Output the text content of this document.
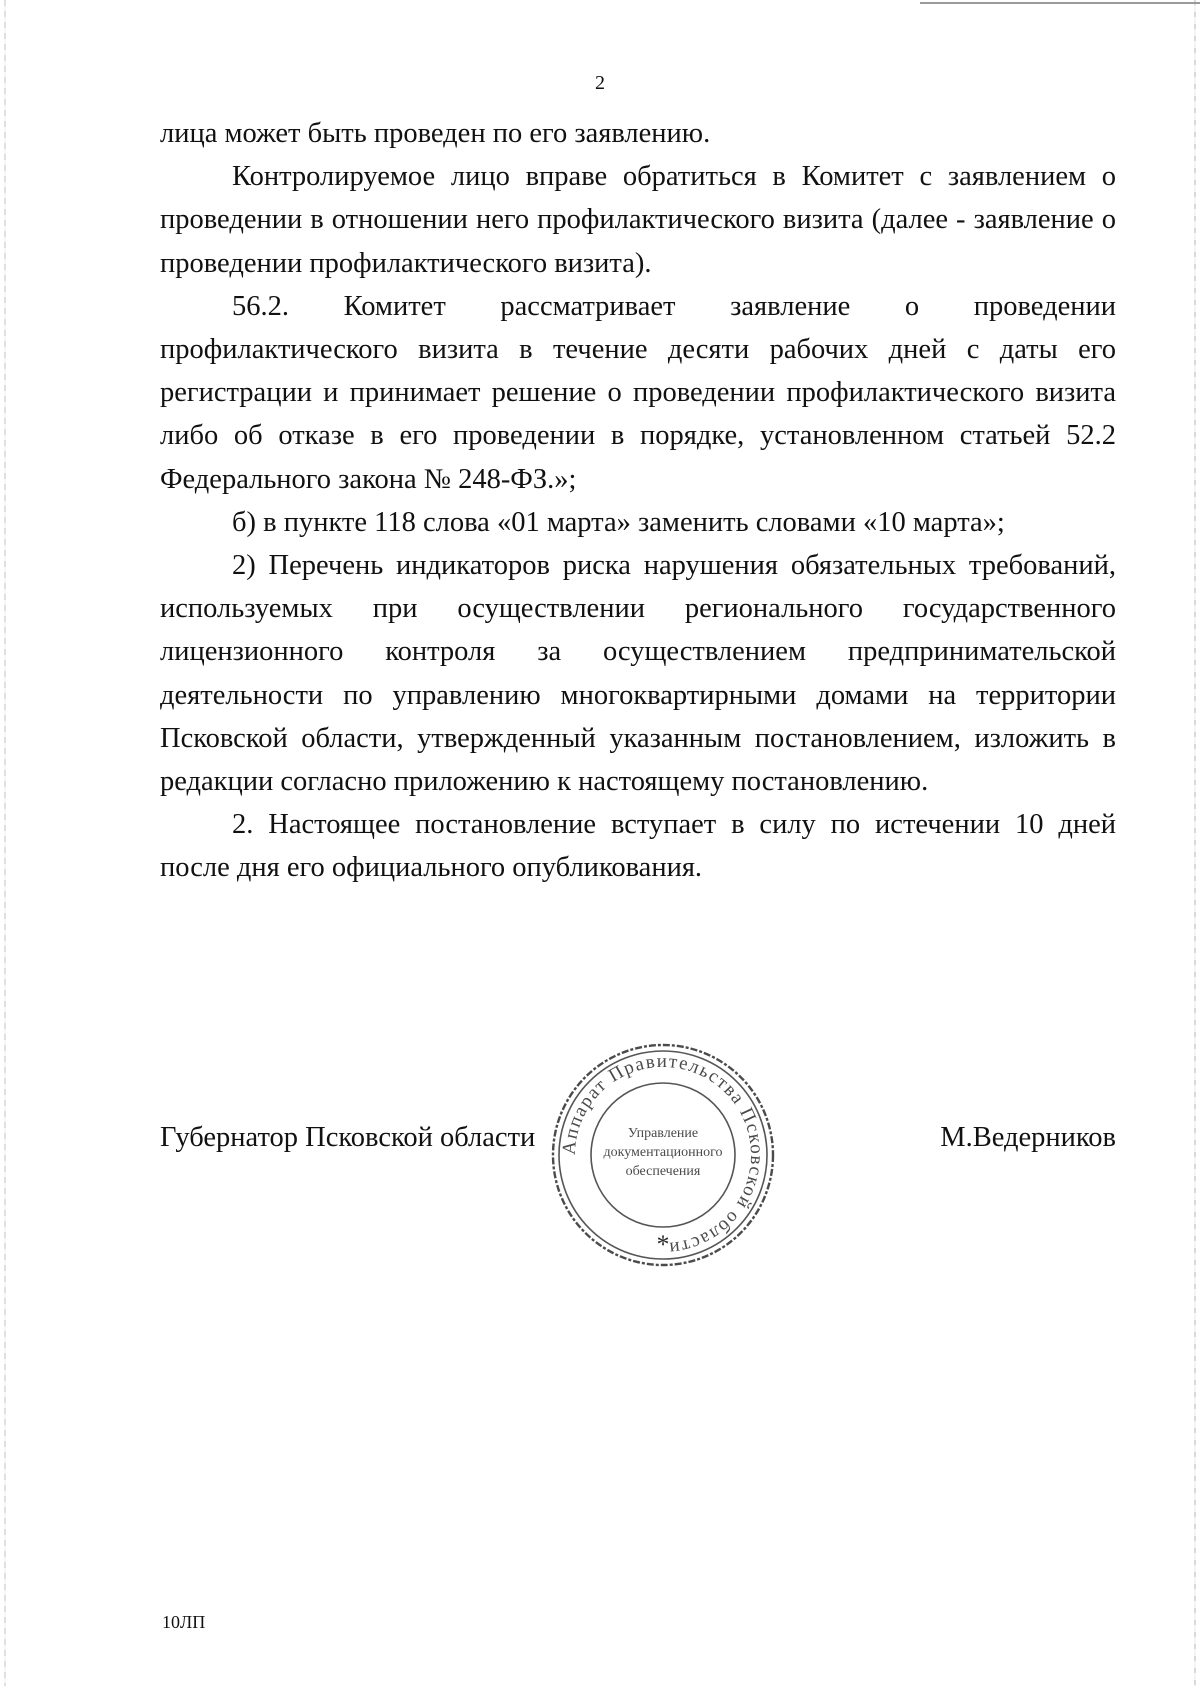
2

лица может быть проведен по его заявлению.

Контролируемое лицо вправе обратиться в Комитет с заявлением о проведении в отношении него профилактического визита (далее - заявление о проведении профилактического визита).

56.2. Комитет рассматривает заявление о проведении профилактического визита в течение десяти рабочих дней с даты его регистрации и принимает решение о проведении профилактического визита либо об отказе в его проведении в порядке, установленном статьей 52.2 Федерального закона № 248-ФЗ.»;

б) в пункте 118 слова «01 марта» заменить словами «10 марта»;

2) Перечень индикаторов риска нарушения обязательных требований, используемых при осуществлении регионального государственного лицензионного контроля за осуществлением предпринимательской деятельности по управлению многоквартирными домами на территории Псковской области, утвержденный указанным постановлением, изложить в редакции согласно приложению к настоящему постановлению.

2. Настоящее постановление вступает в силу по истечении 10 дней после дня его официального опубликования.

Губернатор Псковской области	М.Ведерников
Аппарат Правительства Псковской области
Управление
документационного
обеспечения
*
10ЛП
